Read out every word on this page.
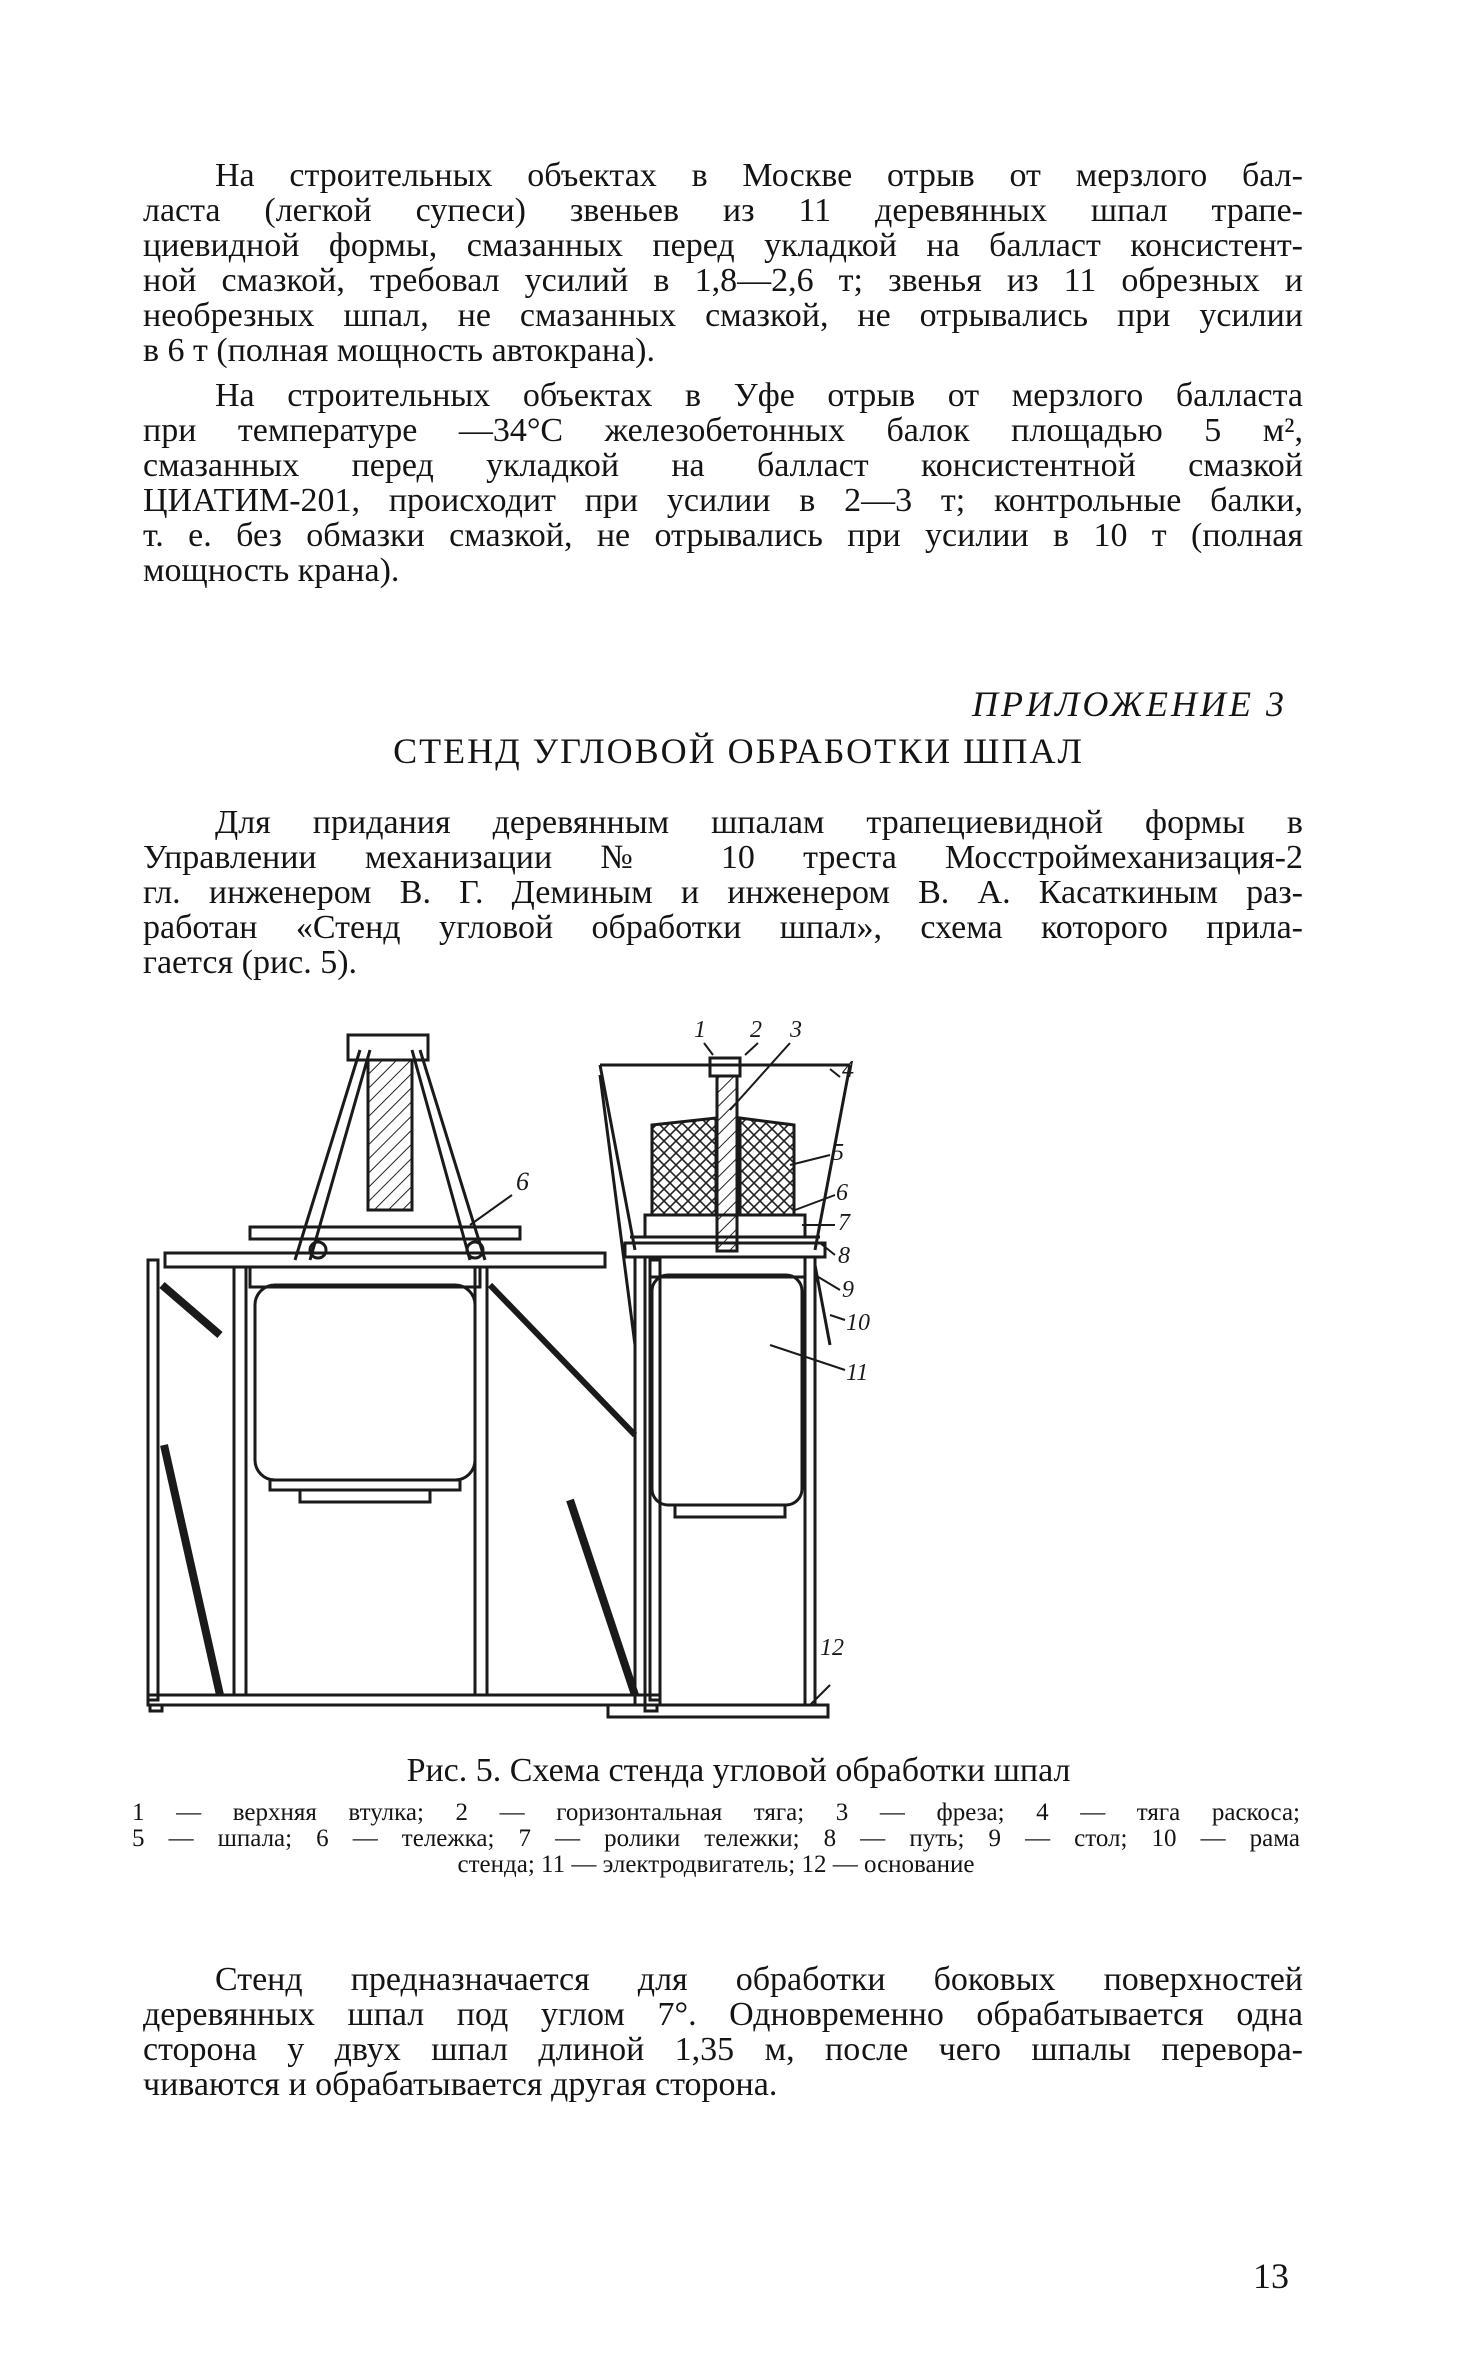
На строительных объектах в Москве отрыв от мерзлого бал-
ласта (легкой супеси) звеньев из 11 деревянных шпал трапе-
циевидной формы, смазанных перед укладкой на балласт консистент-
ной смазкой, требовал усилий в 1,8—2,6 т; звенья из 11 обрезных и
необрезных шпал, не смазанных смазкой, не отрывались при усилии
в 6 т (полная мощность автокрана).
На строительных объектах в Уфе отрыв от мерзлого балласта
при температуре —34°С железобетонных балок площадью 5 м²,
смазанных перед укладкой на балласт консистентной смазкой
ЦИАТИМ-201, происходит при усилии в 2—3 т; контрольные балки,
т. е. без обмазки смазкой, не отрывались при усилии в 10 т (полная
мощность крана).

ПРИЛОЖЕНИЕ 3

СТЕНД УГЛОВОЙ ОБРАБОТКИ ШПАЛ
Для придания деревянным шпалам трапециевидной формы в
Управлении механизации № 10 треста Мосстроймеханизация-2
гл. инженером В. Г. Деминым и инженером В. А. Касаткиным раз-
работан «Стенд угловой обработки шпал», схема которого прила-
гается (рис. 5).
6
1 2 3
4
5
6
7
8
9
10
11
12

Рис. 5. Схема стенда угловой обработки шпал

1 — верхняя втулка; 2 — горизонтальная тяга; 3 — фреза; 4 — тяга раскоса;
5 — шпала; 6 — тележка; 7 — ролики тележки; 8 — путь; 9 — стол; 10 — рама
стенда; 11 — электродвигатель; 12 — основание
Стенд предназначается для обработки боковых поверхностей
деревянных шпал под углом 7°. Одновременно обрабатывается одна
сторона у двух шпал длиной 1,35 м, после чего шпалы перевора-
чиваются и обрабатывается другая сторона.

13
